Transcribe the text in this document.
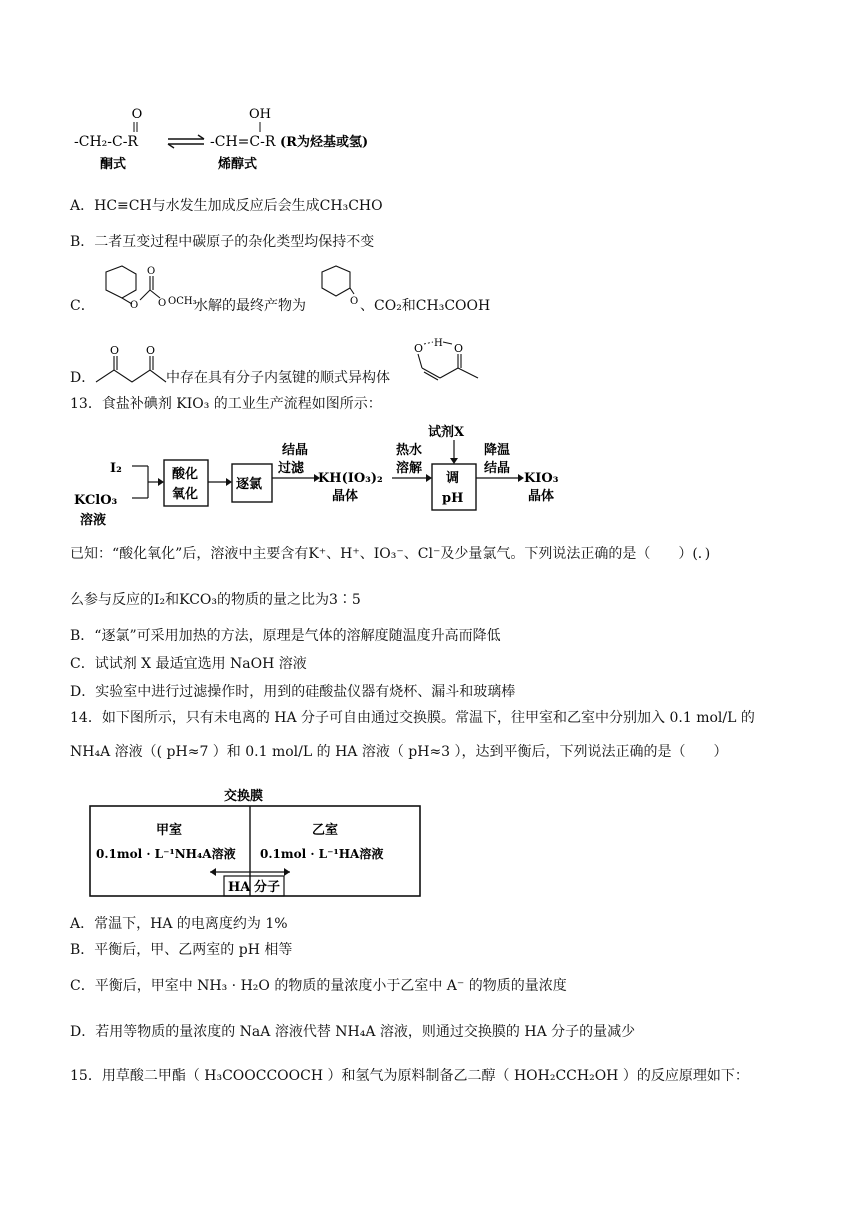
O
-CH₂-C-R
OH
-CH=C-R (R为烃基或氢)
酮式	烯醇式
A．HC≡CH与水发生加成反应后会生成CH₃CHO
B．二者互变过程中碳原子的杂化类型均保持不变
C．	O
O
O OCH₃
水解的最终产物为	O 、CO₂和CH₃COOH
D．
O O
中存在具有分子内氢键的顺式异构体
O H O
13．食盐补碘剂 KIO₃ 的工业生产流程如图所示：
I₂
KClO₃
溶液
酸化
氧化
逐氯
结晶
过滤
KH(IO₃)₂
晶体
热水
溶解
试剂X
调
pH
降温
结晶
KIO₃
晶体
已知：“酸化氧化”后，溶液中主要含有K⁺、H⁺、IO₃⁻、Cl⁻及少量氯气。下列说法正确的是（　　）(．)
么参与反应的I₂和KCO₃的物质的量之比为3∶5
B．“逐氯”可采用加热的方法，原理是气体的溶解度随温度升高而降低
C．试试剂 X 最适宜选用 NaOH 溶液
D．实验室中进行过滤操作时，用到的硅酸盐仪器有烧杯、漏斗和玻璃棒
14．如下图所示，只有未电离的 HA 分子可自由通过交换膜。常温下，往甲室和乙室中分别加入 0.1 mol/L 的
NH₄A 溶液（( pH≈7 ）和 0.1 mol/L 的 HA 溶液（ pH≈3 ），达到平衡后，下列说法正确的是（　　）
交换膜
甲室
0.1mol · L⁻¹NH₄A溶液
乙室
0.1mol · L⁻¹HA溶液
HA 分子
A．常温下，HA 的电离度约为 1%
B．平衡后，甲、乙两室的 pH 相等
C．平衡后，甲室中 NH₃ · H₂O 的物质的量浓度小于乙室中 A⁻ 的物质的量浓度
D．若用等物质的量浓度的 NaA 溶液代替 NH₄A 溶液，则通过交换膜的 HA 分子的量减少
15．用草酸二甲酯（ H₃COOCCOOCH ）和氢气为原料制备乙二醇（ HOH₂CCH₂OH ）的反应原理如下：
